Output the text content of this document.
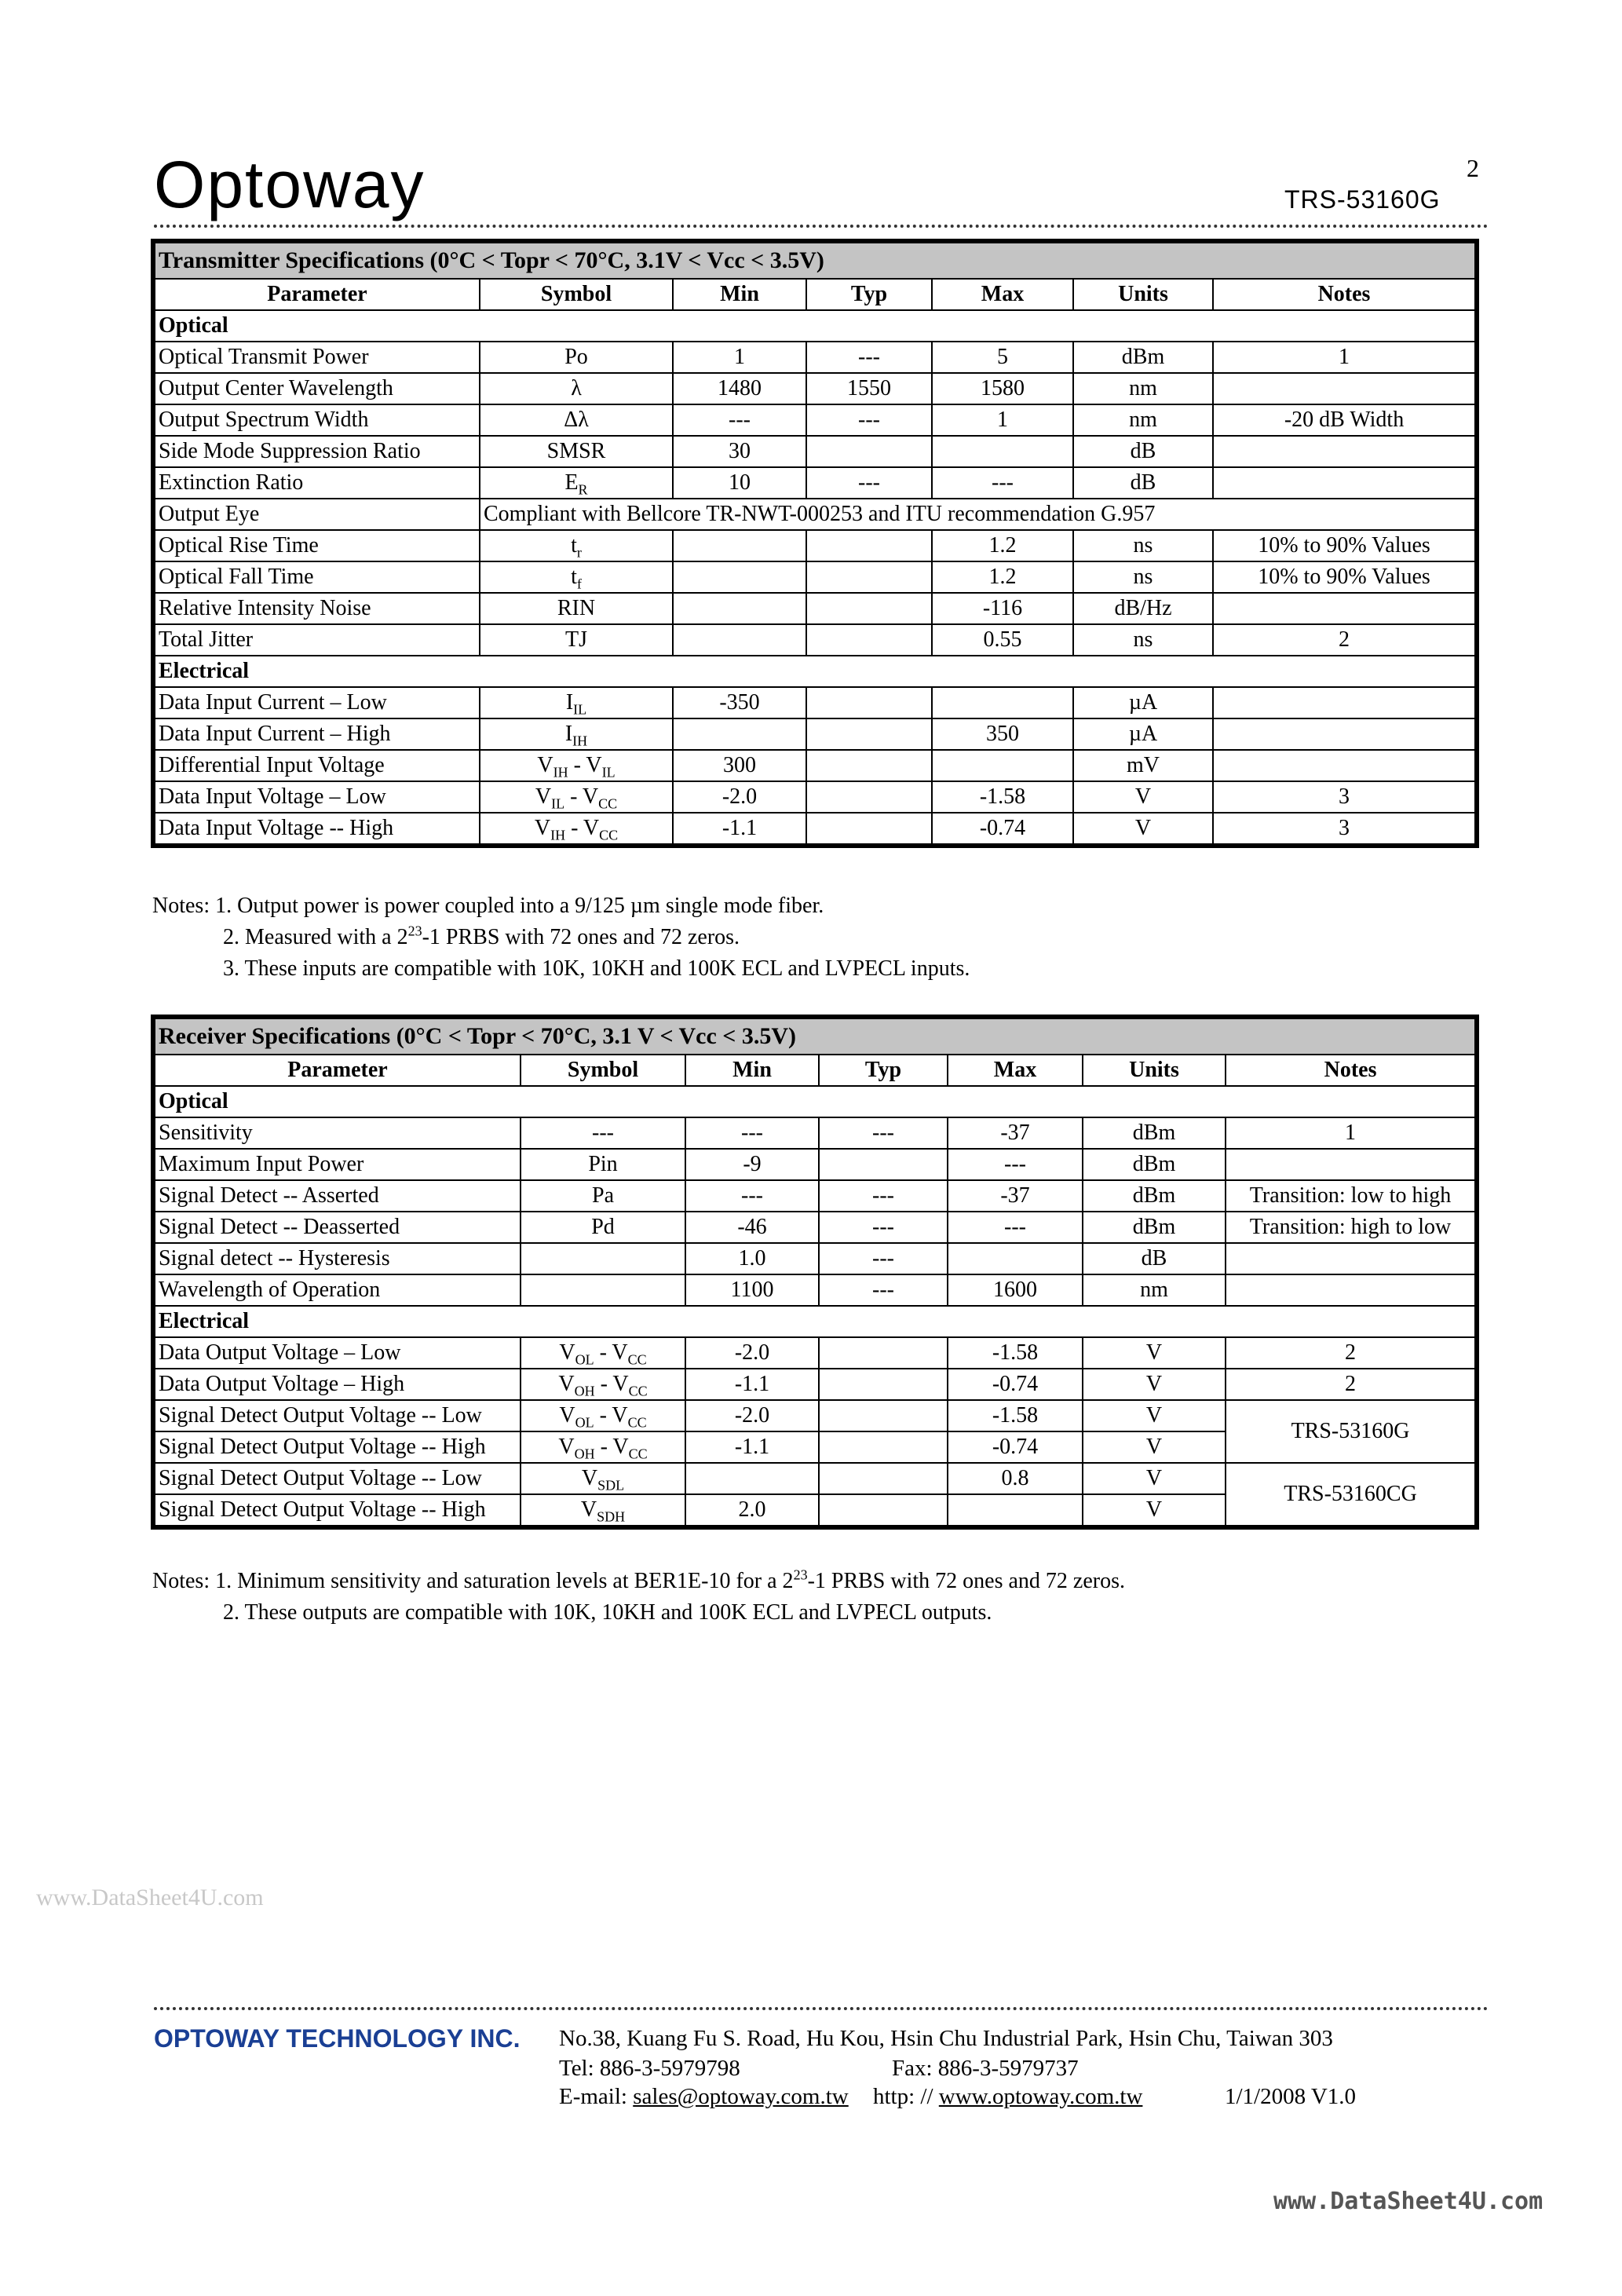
Optoway	2
TRS-53160G
Transmitter Specifications (0°C < Topr < 70°C, 3.1V < Vcc < 3.5V)						
Parameter	Symbol	Min	Typ	Max	Units	Notes
Optical						
Optical Transmit Power	Po	1	---	5	dBm	1
Output Center Wavelength	λ	1480	1550	1580	nm	
Output Spectrum Width	Δλ	---	---	1	nm	-20 dB Width
Side Mode Suppression Ratio	SMSR	30			dB	
Extinction Ratio	$E_R$	10	---	---	dB	
Output Eye	Compliant with Bellcore TR-NWT-000253 and ITU recommendation G.957					
Optical Rise Time	$t_r$			1.2	ns	10% to 90% Values
Optical Fall Time	$t_f$			1.2	ns	10% to 90% Values
Relative Intensity Noise	RIN			-116	dB/Hz	
Total Jitter	TJ			0.55	ns	2
Electrical						
Data Input Current – Low	$I_{IL}$	-350			µA	
Data Input Current – High	$I_{IH}$			350	µA	
Differential Input Voltage	$V_{IH} - V_{IL}$	300			mV	
Data Input Voltage – Low	$V_{IL} - V_{CC}$	-2.0		-1.58	V	3
Data Input Voltage -- High	$V_{IH} - V_{CC}$	-1.1		-0.74	V	3
Notes: 1. Output power is power coupled into a 9/125 µm single mode fiber.
2. Measured with a $2^{23}-1$ PRBS with 72 ones and 72 zeros.
3. These inputs are compatible with 10K, 10KH and 100K ECL and LVPECL inputs.
Receiver Specifications (0°C < Topr < 70°C, 3.1 V < Vcc < 3.5V)						
Parameter	Symbol	Min	Typ	Max	Units	Notes
Optical						
Sensitivity	---	---	---	-37	dBm	1
Maximum Input Power	Pin	-9		---	dBm	
Signal Detect -- Asserted	Pa	---	---	-37	dBm	Transition: low to high
Signal Detect -- Deasserted	Pd	-46	---	---	dBm	Transition: high to low
Signal detect -- Hysteresis		1.0	---		dB	
Wavelength of Operation		1100	---	1600	nm	
Electrical						
Data Output Voltage – Low	$V_{OL} - V_{CC}$	-2.0		-1.58	V	2
Data Output Voltage – High	$V_{OH} - V_{CC}$	-1.1		-0.74	V	2
Signal Detect Output Voltage -- Low	$V_{OL} - V_{CC}$	-2.0		-1.58	V	TRS-53160G
Signal Detect Output Voltage -- High	$V_{OH} - V_{CC}$	-1.1		-0.74	V	
Signal Detect Output Voltage -- Low	$V_{SDL}$			0.8	V	TRS-53160CG
Signal Detect Output Voltage -- High	$V_{SDH}$	2.0			V	
Notes: 1. Minimum sensitivity and saturation levels at BER1E-10 for a $2^{23}-1$ PRBS with 72 ones and 72 zeros.
2. These outputs are compatible with 10K, 10KH and 100K ECL and LVPECL outputs.
www.DataSheet4U.com
OPTOWAY TECHNOLOGY INC. No.38, Kuang Fu S. Road, Hu Kou, Hsin Chu Industrial Park, Hsin Chu, Taiwan 303
Tel: 886-3-5979798	Fax: 886-3-5979737
E-mail: sales@optoway.com.tw http: // www.optoway.com.tw	1/1/2008 V1.0
www.DataSheet4U.com
